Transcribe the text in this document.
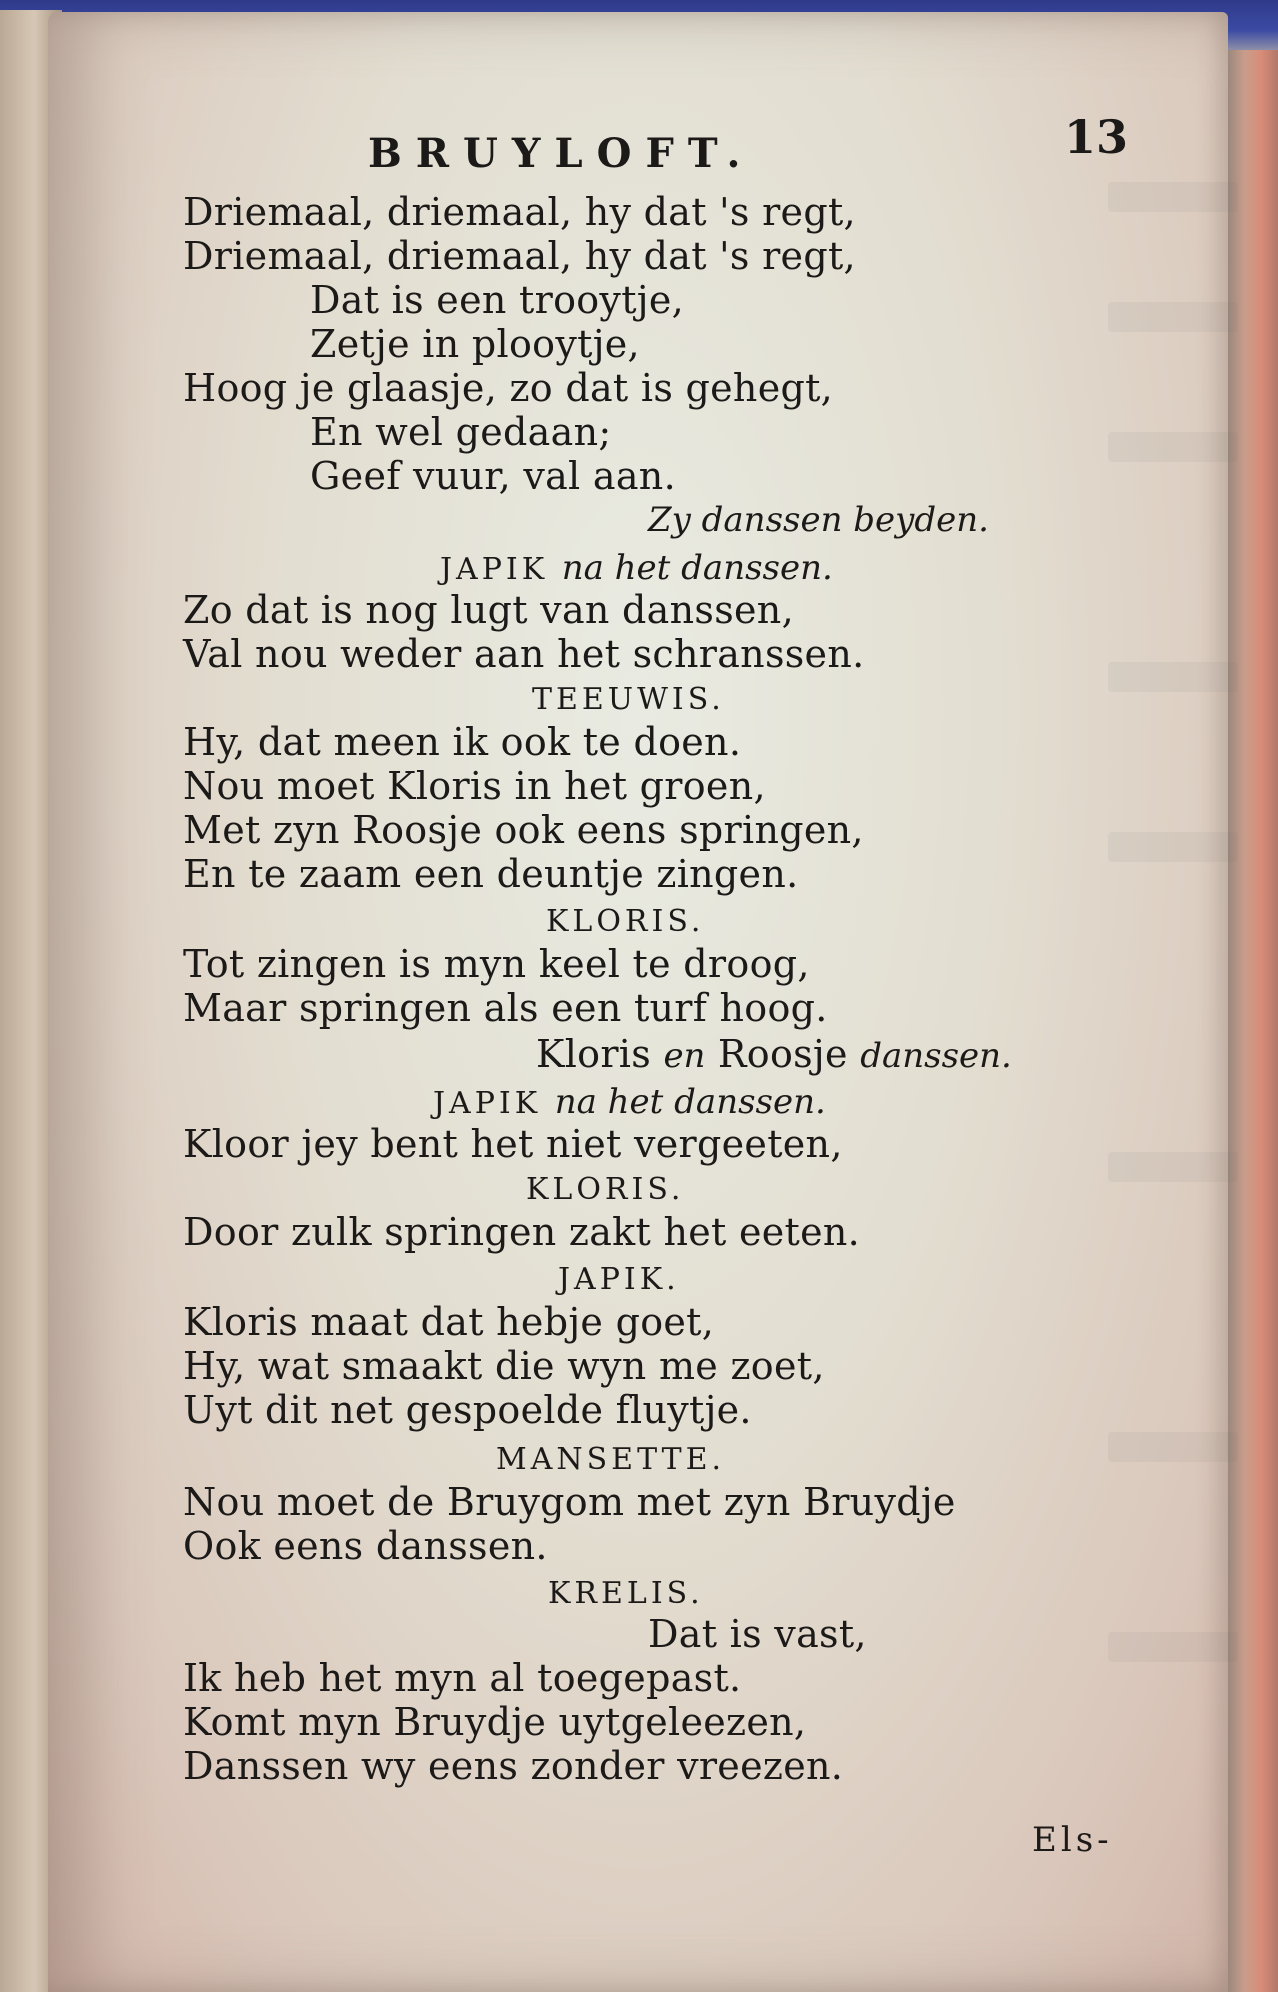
BRUYLOFT.	13
Driemaal, driemaal, hy dat 's regt,
Driemaal, driemaal, hy dat 's regt,
Dat is een trooytje,
Zetje in plooytje,
Hoog je glaasje, zo dat is gehegt,
En wel gedaan;
Geef vuur, val aan.
Zy danssen beyden.
JAPIK na het danssen.
Zo dat is nog lugt van danssen,
Val nou weder aan het schranssen.
TEEUWIS.
Hy, dat meen ik ook te doen.
Nou moet Kloris in het groen,
Met zyn Roosje ook eens springen,
En te zaam een deuntje zingen.
KLORIS.
Tot zingen is myn keel te droog,
Maar springen als een turf hoog.
Kloris en Roosje danssen.
JAPIK na het danssen.
Kloor jey bent het niet vergeeten,
KLORIS.
Door zulk springen zakt het eeten.
JAPIK.
Kloris maat dat hebje goet,
Hy, wat smaakt die wyn me zoet,
Uyt dit net gespoelde fluytje.
MANSETTE.
Nou moet de Bruygom met zyn Bruydje
Ook eens danssen.
KRELIS.
Dat is vast,
Ik heb het myn al toegepast.
Komt myn Bruydje uytgeleezen,
Danssen wy eens zonder vreezen.
Els-
